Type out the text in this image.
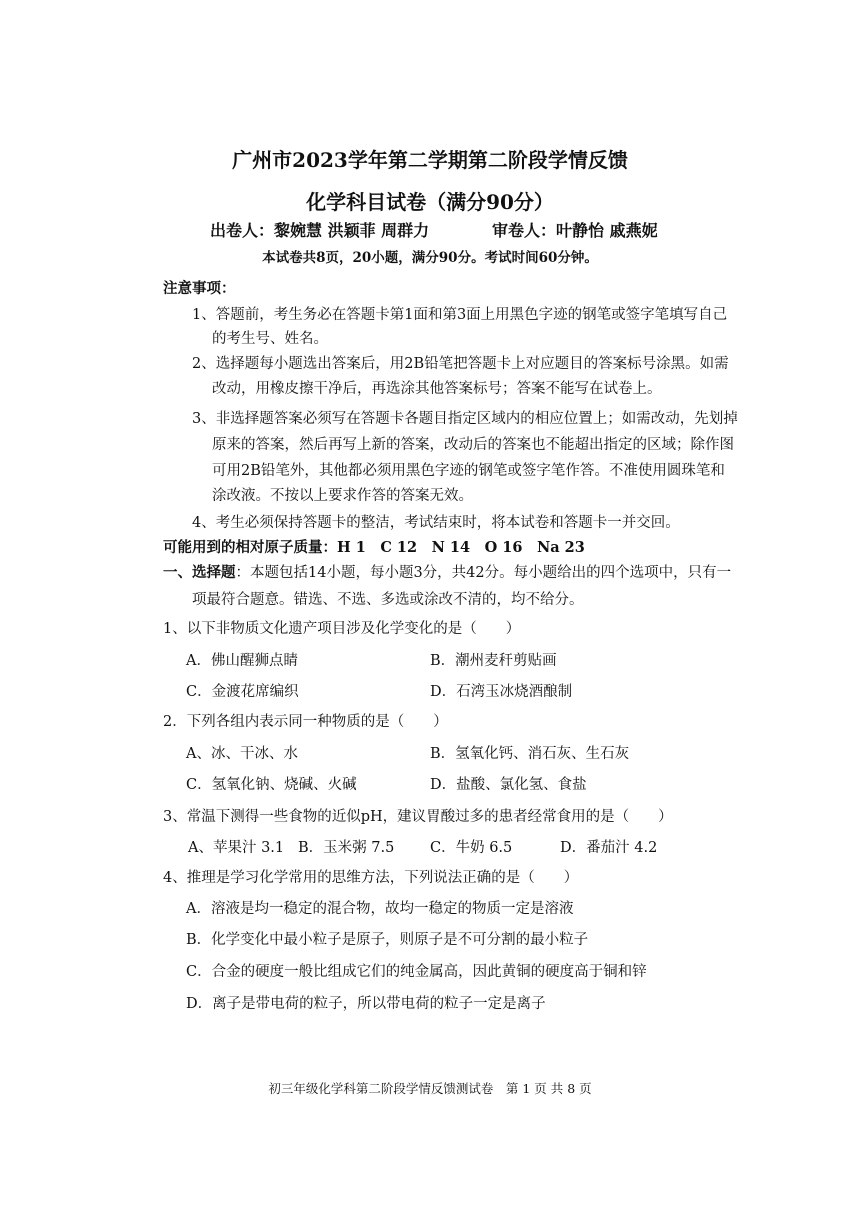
广州市2023学年第二学期第二阶段学情反馈
化学科目试卷（满分90分）
出卷人：黎婉慧 洪颖菲 周群力	审卷人：叶静怡 戚燕妮
本试卷共8页，20小题，满分90分。考试时间60分钟。
注意事项：
1、答题前，考生务必在答题卡第1面和第3面上用黑色字迹的钢笔或签字笔填写自己
的考生号、姓名。
2、选择题每小题选出答案后，用2B铅笔把答题卡上对应题目的答案标号涂黑。如需
改动，用橡皮擦干净后，再选涂其他答案标号；答案不能写在试卷上。
3、非选择题答案必须写在答题卡各题目指定区域内的相应位置上；如需改动，先划掉
原来的答案，然后再写上新的答案，改动后的答案也不能超出指定的区域；除作图
可用2B铅笔外，其他都必须用黑色字迹的钢笔或签字笔作答。不准使用圆珠笔和
涂改液。不按以上要求作答的答案无效。
4、考生必须保持答题卡的整洁，考试结束时，将本试卷和答题卡一并交回。
可能用到的相对原子质量：H 1　C 12　N 14　O 16　Na 23
一、选择题：本题包括14小题，每小题3分，共42分。每小题给出的四个选项中，只有一
项最符合题意。错选、不选、多选或涂改不清的，均不给分。
1、以下非物质文化遗产项目涉及化学变化的是（　　）
A．佛山醒狮点睛	B．潮州麦秆剪贴画
C．金渡花席编织	D．石湾玉冰烧酒酿制
2．下列各组内表示同一种物质的是（　　）
A、冰、干冰、水	B．氢氧化钙、消石灰、生石灰
C．氢氧化钠、烧碱、火碱	D．盐酸、氯化氢、食盐
3、常温下测得一些食物的近似pH，建议胃酸过多的患者经常食用的是（　　）
A、苹果汁 3.1 B．玉米粥 7.5 C．牛奶 6.5	D．番茄汁 4.2
4、推理是学习化学常用的思维方法，下列说法正确的是（　　）
A．溶液是均一稳定的混合物，故均一稳定的物质一定是溶液
B．化学变化中最小粒子是原子，则原子是不可分割的最小粒子
C．合金的硬度一般比组成它们的纯金属高，因此黄铜的硬度高于铜和锌
D．离子是带电荷的粒子，所以带电荷的粒子一定是离子
初三年级化学科第二阶段学情反馈测试卷　第 1 页 共 8 页
